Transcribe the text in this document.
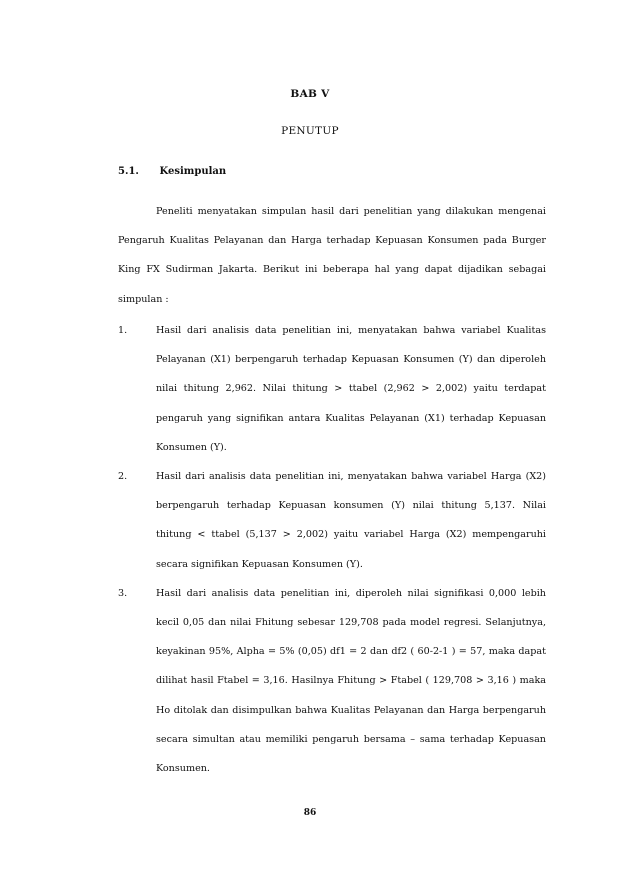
BAB V
PENUTUP
5.1. Kesimpulan
Peneliti menyatakan simpulan hasil dari penelitian yang dilakukan mengenai Pengaruh Kualitas Pelayanan dan Harga terhadap Kepuasan Konsumen pada Burger King FX Sudirman Jakarta. Berikut ini beberapa hal yang dapat dijadikan sebagai simpulan :
1.	Hasil dari analisis data penelitian ini, menyatakan bahwa variabel Kualitas Pelayanan (X1) berpengaruh terhadap Kepuasan Konsumen (Y) dan diperoleh nilai thitung 2,962. Nilai thitung > ttabel (2,962 > 2,002) yaitu terdapat pengaruh yang signifikan antara Kualitas Pelayanan (X1) terhadap Kepuasan Konsumen (Y).
2.	Hasil dari analisis data penelitian ini, menyatakan bahwa variabel Harga (X2) berpengaruh terhadap Kepuasan konsumen (Y) nilai thitung 5,137. Nilai thitung < ttabel (5,137 > 2,002) yaitu variabel Harga (X2) mempengaruhi secara signifikan Kepuasan Konsumen (Y).
3.	Hasil dari analisis data penelitian ini, diperoleh nilai signifikasi 0,000 lebih kecil 0,05 dan nilai Fhitung sebesar 129,708 pada model regresi. Selanjutnya, keyakinan 95%, Alpha = 5% (0,05) df1 = 2 dan df2 ( 60-2-1 ) = 57, maka dapat dilihat hasil Ftabel = 3,16. Hasilnya Fhitung > Ftabel ( 129,708 > 3,16 ) maka Ho ditolak dan disimpulkan bahwa Kualitas Pelayanan dan Harga berpengaruh secara simultan atau memiliki pengaruh bersama – sama terhadap Kepuasan Konsumen.
86
